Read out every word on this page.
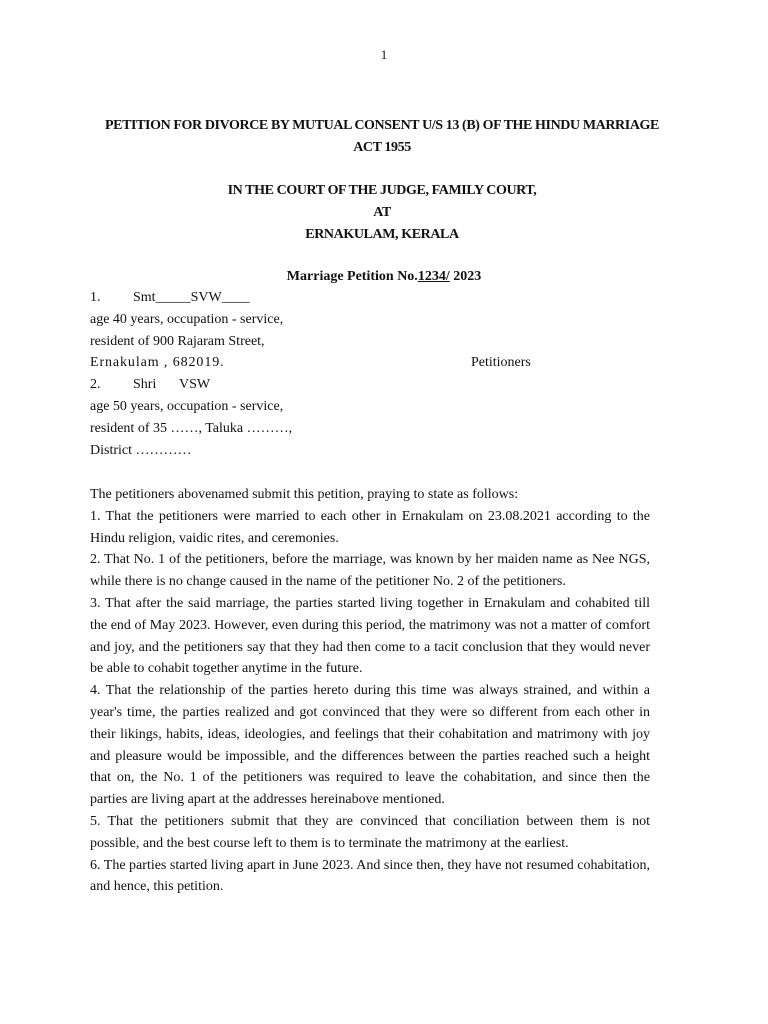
1
PETITION FOR DIVORCE BY MUTUAL CONSENT U/S 13 (B) OF THE HINDU MARRIAGE
ACT 1955
IN THE COURT OF THE JUDGE, FAMILY COURT,
AT
ERNAKULAM, KERALA
Marriage Petition No.1234/ 2023
1. Smt_____SVW____
age 40 years, occupation - service,
resident of 900 Rajaram Street,
Ernakulam , 682019.	Petitioners
2. Shri VSW
age 50 years, occupation - service,
resident of 35 ……, Taluka ………,
District …………

The petitioners abovenamed submit this petition, praying to state as follows:

1. That the petitioners were married to each other in Ernakulam on 23.08.2021 according to the Hindu religion, vaidic rites, and ceremonies.

2. That No. 1 of the petitioners, before the marriage, was known by her maiden name as Nee NGS, while there is no change caused in the name of the petitioner No. 2 of the petitioners.

3. That after the said marriage, the parties started living together in Ernakulam and cohabited till the end of May 2023. However, even during this period, the matrimony was not a matter of comfort and joy, and the petitioners say that they had then come to a tacit conclusion that they would never be able to cohabit together anytime in the future.

4. That the relationship of the parties hereto during this time was always strained, and within a year's time, the parties realized and got convinced that they were so different from each other in their likings, habits, ideas, ideologies, and feelings that their cohabitation and matrimony with joy and pleasure would be impossible, and the differences between the parties reached such a height that on, the No. 1 of the petitioners was required to leave the cohabitation, and since then the parties are living apart at the addresses hereinabove mentioned.

5. That the petitioners submit that they are convinced that conciliation between them is not possible, and the best course left to them is to terminate the matrimony at the earliest.

6. The parties started living apart in June 2023. And since then, they have not resumed cohabitation, and hence, this petition.
